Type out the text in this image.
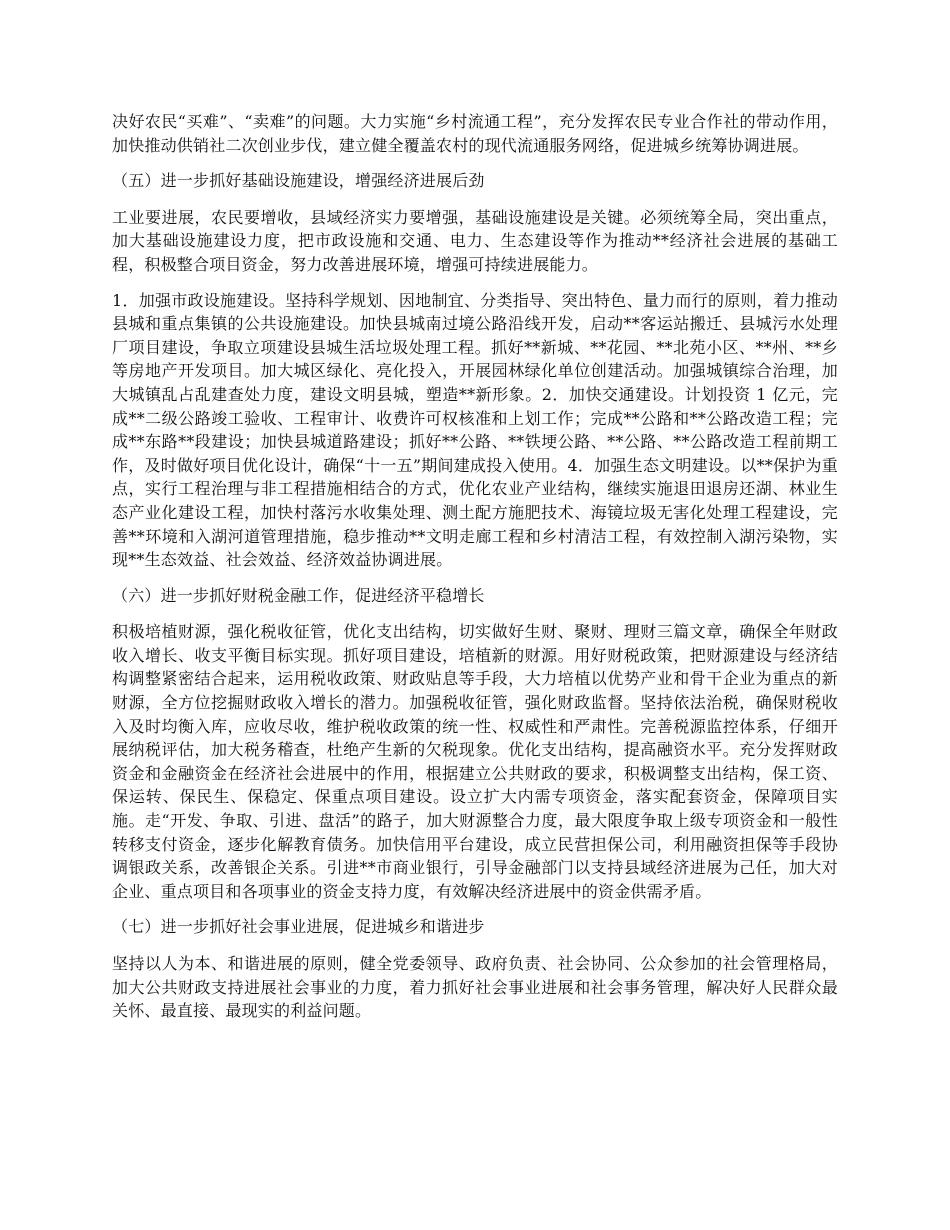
决好农民“买难”、“卖难”的问题。大力实施“乡村流通工程”，充分发挥农民专业合作社的带动作用，加快推动供销社二次创业步伐，建立健全覆盖农村的现代流通服务网络，促进城乡统筹协调进展。

（五）进一步抓好基础设施建设，增强经济进展后劲

工业要进展，农民要增收，县域经济实力要增强，基础设施建设是关键。必须统筹全局，突出重点，加大基础设施建设力度，把市政设施和交通、电力、生态建设等作为推动**经济社会进展的基础工程，积极整合项目资金，努力改善进展环境，增强可持续进展能力。

1．加强市政设施建设。坚持科学规划、因地制宜、分类指导、突出特色、量力而行的原则，着力推动县城和重点集镇的公共设施建设。加快县城南过境公路沿线开发，启动**客运站搬迁、县城污水处理厂项目建设，争取立项建设县城生活垃圾处理工程。抓好**新城、**花园、**北苑小区、**州、**乡等房地产开发项目。加大城区绿化、亮化投入，开展园林绿化单位创建活动。加强城镇综合治理，加大城镇乱占乱建查处力度，建设文明县城，塑造**新形象。2．加快交通建设。计划投资 1 亿元，完成**二级公路竣工验收、工程审计、收费许可权核准和上划工作；完成**公路和**公路改造工程；完成**东路**段建设；加快县城道路建设；抓好**公路、**铁埂公路、**公路、**公路改造工程前期工作，及时做好项目优化设计，确保“十一五”期间建成投入使用。4．加强生态文明建设。以**保护为重点，实行工程治理与非工程措施相结合的方式，优化农业产业结构，继续实施退田退房还湖、林业生态产业化建设工程，加快村落污水收集处理、测土配方施肥技术、海镜垃圾无害化处理工程建设，完善**环境和入湖河道管理措施，稳步推动**文明走廊工程和乡村清洁工程，有效控制入湖污染物，实现**生态效益、社会效益、经济效益协调进展。

（六）进一步抓好财税金融工作，促进经济平稳增长

积极培植财源，强化税收征管，优化支出结构，切实做好生财、聚财、理财三篇文章，确保全年财政收入增长、收支平衡目标实现。抓好项目建设，培植新的财源。用好财税政策，把财源建设与经济结构调整紧密结合起来，运用税收政策、财政贴息等手段，大力培植以优势产业和骨干企业为重点的新财源，全方位挖掘财政收入增长的潜力。加强税收征管，强化财政监督。坚持依法治税，确保财税收入及时均衡入库，应收尽收，维护税收政策的统一性、权威性和严肃性。完善税源监控体系，仔细开展纳税评估，加大税务稽查，杜绝产生新的欠税现象。优化支出结构，提高融资水平。充分发挥财政资金和金融资金在经济社会进展中的作用，根据建立公共财政的要求，积极调整支出结构，保工资、保运转、保民生、保稳定、保重点项目建设。设立扩大内需专项资金，落实配套资金，保障项目实施。走“开发、争取、引进、盘活”的路子，加大财源整合力度，最大限度争取上级专项资金和一般性转移支付资金，逐步化解教育债务。加快信用平台建设，成立民营担保公司，利用融资担保等手段协调银政关系，改善银企关系。引进**市商业银行，引导金融部门以支持县域经济进展为己任，加大对企业、重点项目和各项事业的资金支持力度，有效解决经济进展中的资金供需矛盾。

（七）进一步抓好社会事业进展，促进城乡和谐进步

坚持以人为本、和谐进展的原则，健全党委领导、政府负责、社会协同、公众参加的社会管理格局，加大公共财政支持进展社会事业的力度，着力抓好社会事业进展和社会事务管理，解决好人民群众最关怀、最直接、最现实的利益问题。
